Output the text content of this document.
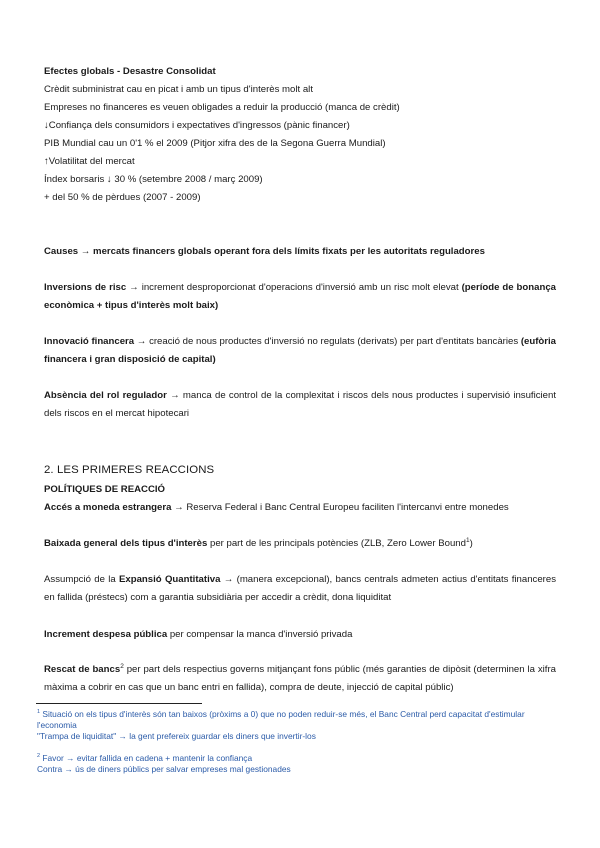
Efectes globals - Desastre Consolidat
Crèdit subministrat cau en picat i amb un tipus d'interès molt alt
Empreses no financeres es veuen obligades a reduir la producció (manca de crèdit)
↓Confiança dels consumidors i expectatives d'ingressos (pànic financer)
PIB Mundial cau un 0'1 % el 2009 (Pitjor xifra des de la Segona Guerra Mundial)
↑Volatilitat del mercat
Índex borsaris ↓ 30 % (setembre 2008 / març 2009)
+ del 50 % de pèrdues (2007 - 2009)
Causes → mercats financers globals operant fora dels límits fixats per les autoritats reguladores
Inversions de risc → increment desproporcionat d'operacions d'inversió amb un risc molt elevat (període de bonança econòmica + tipus d'interès molt baix)
Innovació financera → creació de nous productes d'inversió no regulats (derivats) per part d'entitats bancàries (eufòria financera i gran disposició de capital)
Absència del rol regulador → manca de control de la complexitat i riscos dels nous productes i supervisió insuficient dels riscos en el mercat hipotecari
2. LES PRIMERES REACCIONS
POLÍTIQUES DE REACCIÓ
Accés a moneda estrangera → Reserva Federal i Banc Central Europeu faciliten l'intercanvi entre monedes
Baixada general dels tipus d'interès per part de les principals potències (ZLB, Zero Lower Bound$^1$)
Assumpció de la Expansió Quantitativa → (manera excepcional), bancs centrals admeten actius d'entitats financeres en fallida (préstecs) com a garantia subsidiària per accedir a crèdit, dona liquiditat
Increment despesa pública per compensar la manca d'inversió privada
Rescat de bancs$^2$ per part dels respectius governs mitjançant fons públic (més garanties de dipòsit (determinen la xifra màxima a cobrir en cas que un banc entri en fallida), compra de deute, injecció de capital públic)
$^1$ Situació on els tipus d'interès són tan baixos (pròxims a 0) que no poden reduir-se més, el Banc Central perd capacitat d'estimular
l'economia
"Trampa de liquiditat" → la gent prefereix guardar els diners que invertir-los
$^2$ Favor → evitar fallida en cadena + mantenir la confiança
Contra → ús de diners públics per salvar empreses mal gestionades
